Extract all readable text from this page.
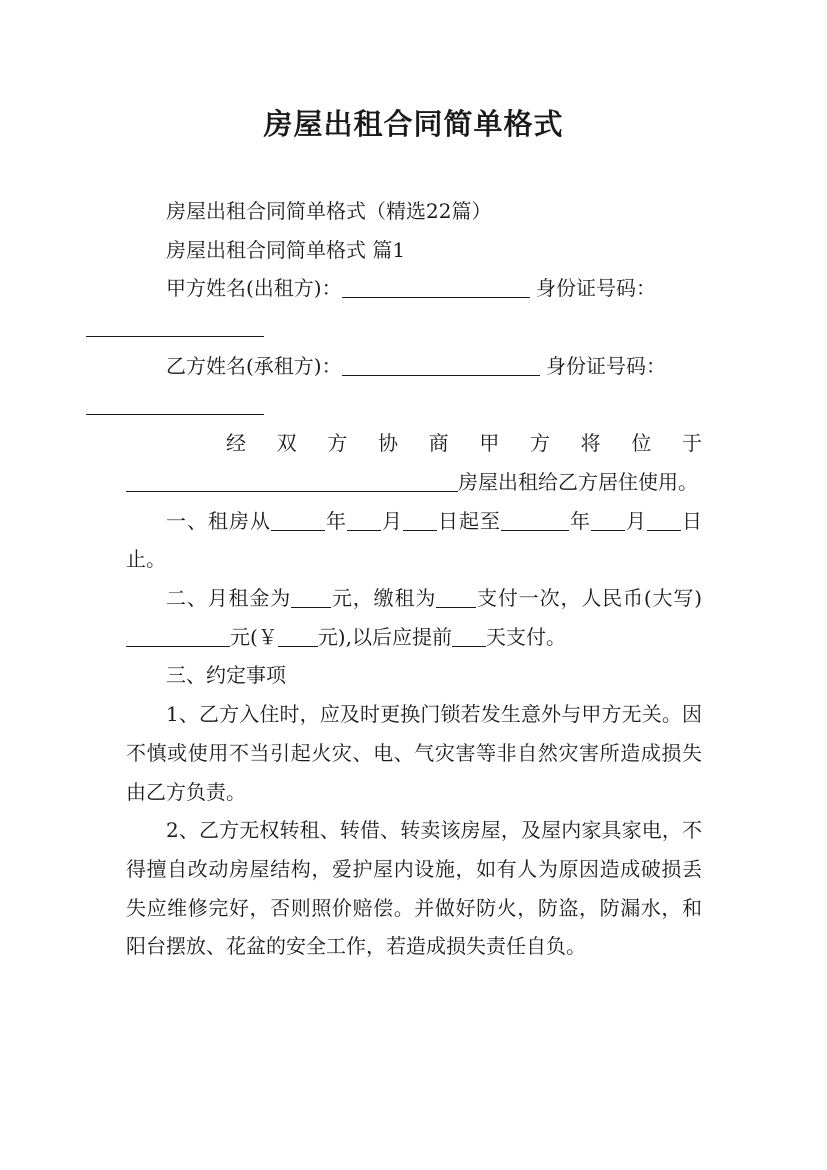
房屋出租合同简单格式

房屋出租合同简单格式（精选22篇）

房屋出租合同简单格式 篇1

甲方姓名(出租方)：	身份证号码：

乙方姓名(承租方)：	身份证号码：

经 双 方 协 商 甲 方 将 位 于

房屋出租给乙方居住使用。

一、租房从	年 月 日起至	年 月 日止。

二、月租金为 元，缴租为 支付一次，人民币(大写)元(￥ 元),以后应提前 天支付。

三、约定事项

1、乙方入住时，应及时更换门锁若发生意外与甲方无关。因不慎或使用不当引起火灾、电、气灾害等非自然灾害所造成损失由乙方负责。

2、乙方无权转租、转借、转卖该房屋，及屋内家具家电，不得擅自改动房屋结构，爱护屋内设施，如有人为原因造成破损丢失应维修完好，否则照价赔偿。并做好防火，防盗，防漏水，和阳台摆放、花盆的安全工作，若造成损失责任自负。
